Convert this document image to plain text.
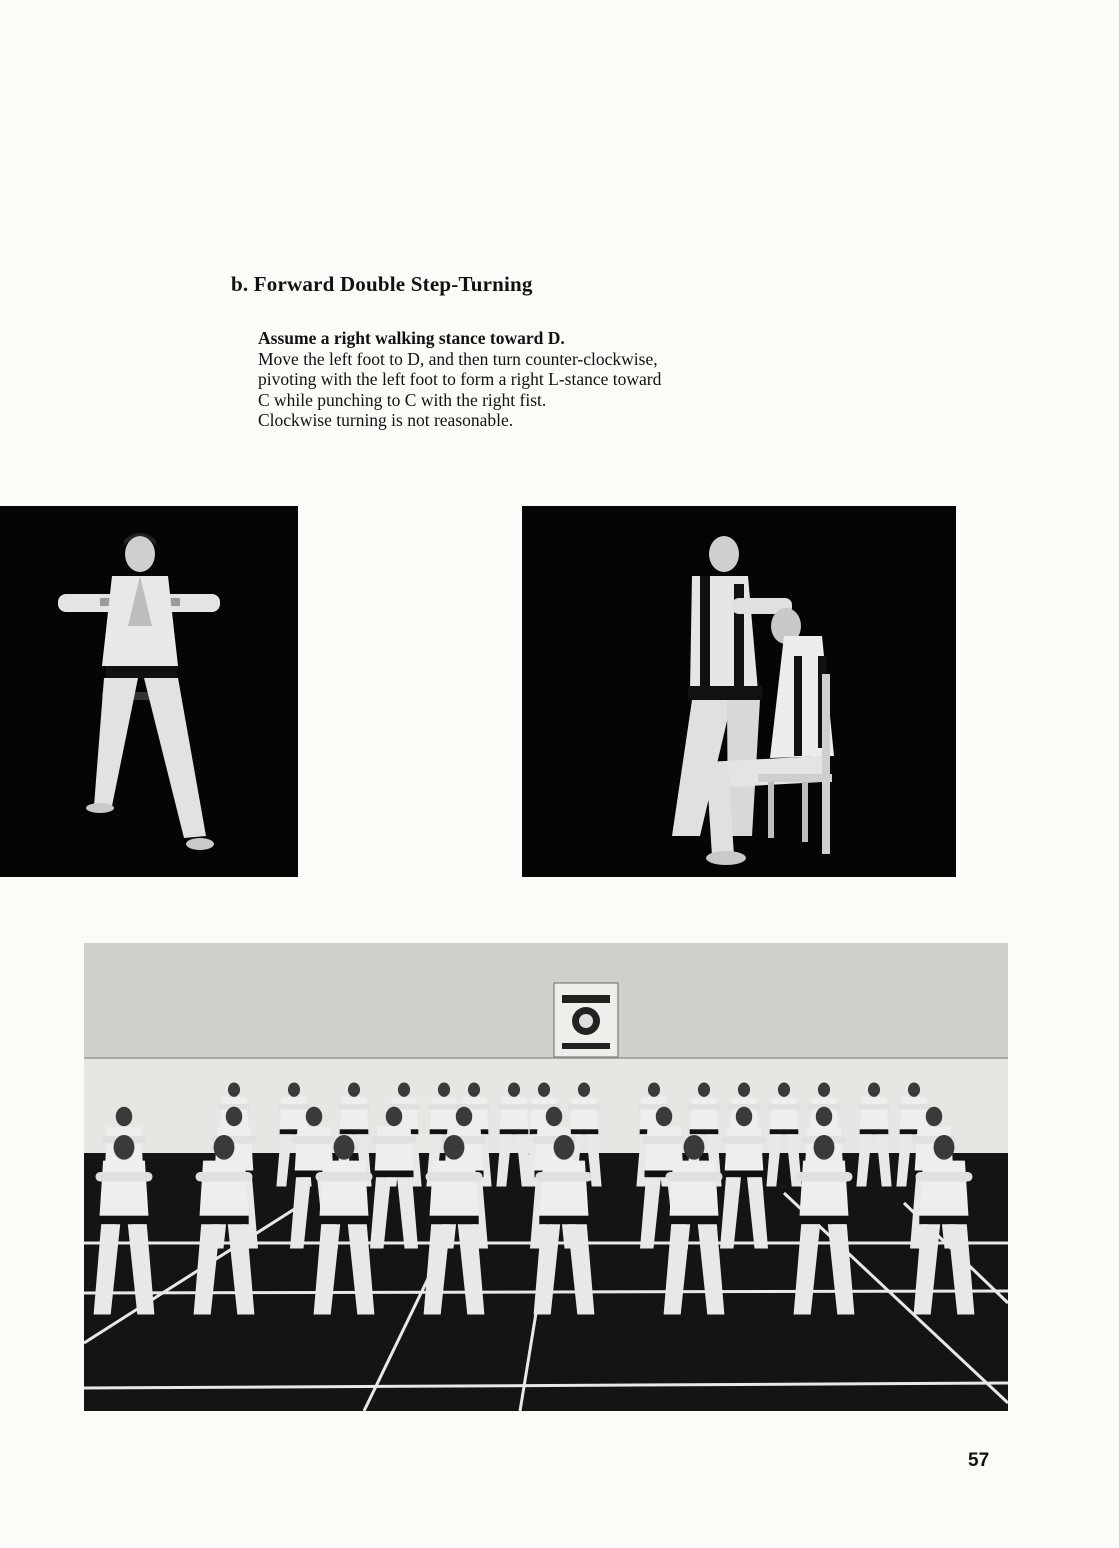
b. Forward Double Step-Turning
Assume a right walking stance toward D.
Move the left foot to D, and then turn counter-clockwise,
pivoting with the left foot to form a right L-stance toward
C while punching to C with the right fist.
Clockwise turning is not reasonable.
57
